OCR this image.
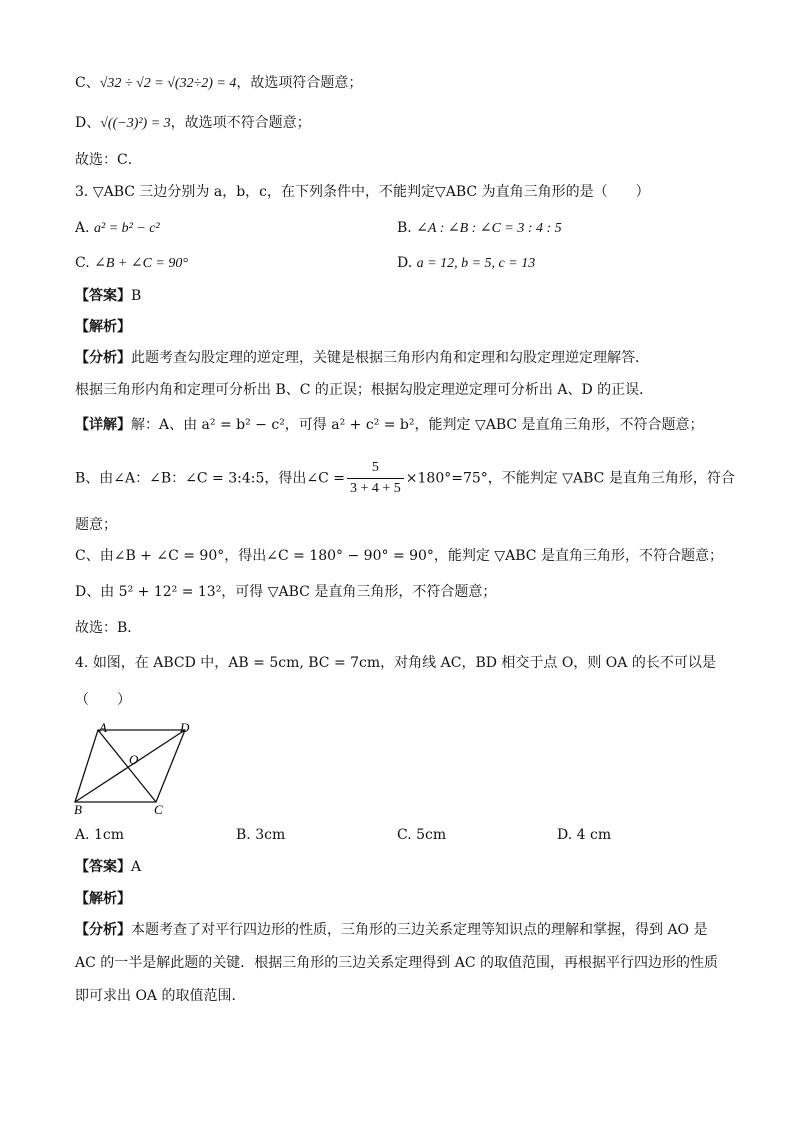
C、√32 ÷ √2 = √(32÷2) = 4，故选项符合题意；
D、√((−3)²) = 3，故选项不符合题意；
故选：C．
3. ▽ABC 三边分别为 a，b，c，在下列条件中，不能判定▽ABC 为直角三角形的是（　　）
A. a² = b² − c²	B. ∠A : ∠B : ∠C = 3 : 4 : 5
C. ∠B + ∠C = 90°	D. a = 12, b = 5, c = 13
【答案】B
【解析】
【分析】此题考查勾股定理的逆定理，关键是根据三角形内角和定理和勾股定理逆定理解答．
根据三角形内角和定理可分析出 B、C 的正误；根据勾股定理逆定理可分析出 A、D 的正误．
【详解】解：A、由 a² = b² − c²，可得 a² + c² = b²，能判定 ▽ABC 是直角三角形，不符合题意；
B、由∠A：∠B：∠C = 3:4:5，得出∠C = $\frac{5}{3 + 4 + 5} \times 180^\circ=75^\circ$，不能判定 ▽ABC 是直角三角形，符合
题意；
C、由∠B + ∠C = 90°，得出∠C = 180° − 90° = 90°，能判定 ▽ABC 是直角三角形，不符合题意；
D、由 5² + 12² = 13²，可得 ▽ABC 是直角三角形，不符合题意；
故选：B．
4. 如图，在 ABCD 中，AB = 5cm, BC = 7cm，对角线 AC，BD 相交于点 O，则 OA 的长不可以是
（　　）
A	D
B	C
O
A. 1cm	B. 3cm	C. 5cm	D. 4 cm
【答案】A
【解析】
【分析】本题考查了对平行四边形的性质，三角形的三边关系定理等知识点的理解和掌握，得到 AO 是
AC 的一半是解此题的关键．根据三角形的三边关系定理得到 AC 的取值范围，再根据平行四边形的性质
即可求出 OA 的取值范围．
